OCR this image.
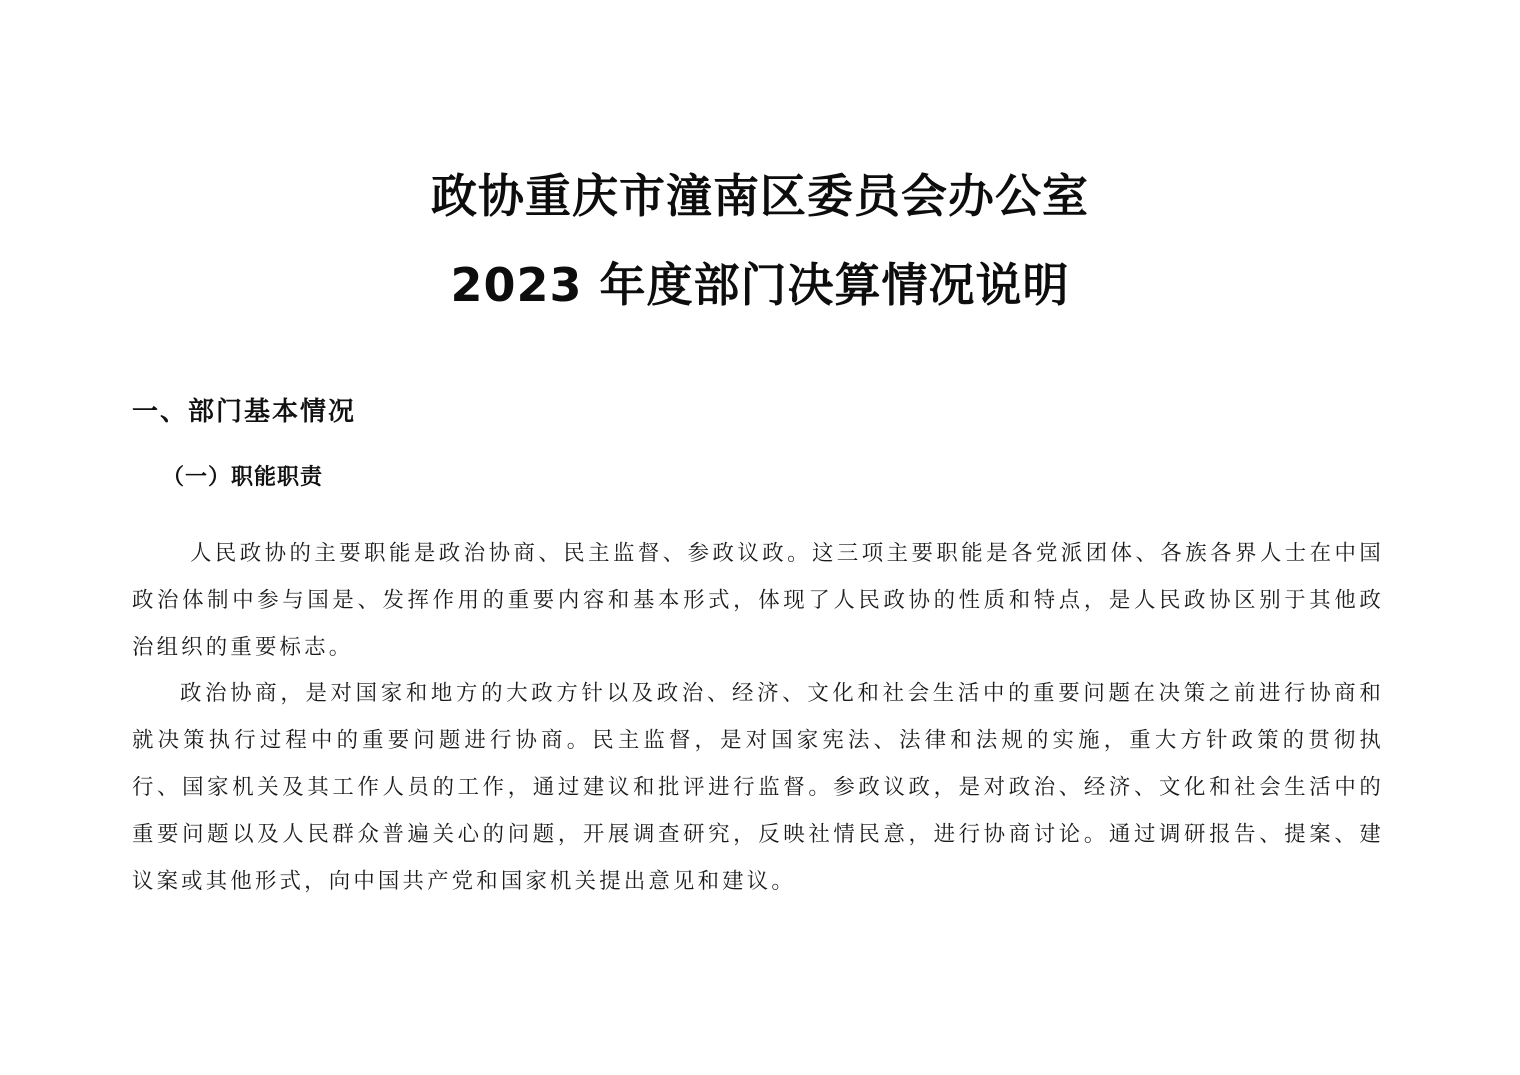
政协重庆市潼南区委员会办公室
2023 年度部门决算情况说明
一、部门基本情况
（一）职能职责

人民政协的主要职能是政治协商、民主监督、参政议政。这三项主要职能是各党派团体、各族各界人士在中国政治体制中参与国是、发挥作用的重要内容和基本形式，体现了人民政协的性质和特点，是人民政协区别于其他政治组织的重要标志。

政治协商，是对国家和地方的大政方针以及政治、经济、文化和社会生活中的重要问题在决策之前进行协商和就决策执行过程中的重要问题进行协商。民主监督，是对国家宪法、法律和法规的实施，重大方针政策的贯彻执行、国家机关及其工作人员的工作，通过建议和批评进行监督。参政议政，是对政治、经济、文化和社会生活中的重要问题以及人民群众普遍关心的问题，开展调查研究，反映社情民意，进行协商讨论。通过调研报告、提案、建议案或其他形式，向中国共产党和国家机关提出意见和建议。
